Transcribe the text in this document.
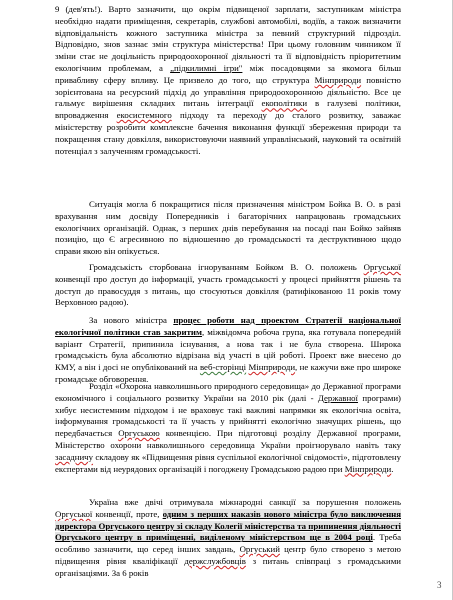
9 (дев'ять!). Варто зазначити, що окрім підвищеної зарплати, заступникам міністра необхідно надати приміщення, секретарів, службові автомобілі, водіїв, а також визначити відповідальність кожного заступника міністра за певний структурний підрозділ. Відповідно, знов зазнає змін структура міністерства! При цьому головним чинником її зміни стає не доцільність природоохоронної діяльності та її відповідність пріоритетним екологічним проблемам, а „підкилимні ігри" між посадовцями за якомога більш привабливу сферу впливу. Це призвело до того, що структура Мінприроди повністю зорієнтована на ресурсний підхід до управління природоохоронною діяльністю. Все це гальмує вирішення складних питань інтеграції екополітики в галузеві політики, впровадження екосистемного підходу та переходу до сталого розвитку, заважає міністерству розробити комплексне бачення виконання функції збереження природи та покращення стану довкілля, використовуючи наявний управлінський, науковий та освітній потенціал з залученням громадськості.
Ситуація могла б покращитися після призначення міністром Бойка В. О. в разі врахування ним досвіду Попередників і багаторічних напрацювань громадських екологічних організацій. Однак, з перших днів перебування на посаді пан Бойко зайняв позицію, що Є агресивною по відношенню до громадськості та деструктивною щодо справи якою він опікується.
Громадськість сторбована ігноруванням Бойком В. О. положень Оргуської конвенції про доступ до інформації, участь громадськості у процесі прийняття рішень та доступ до правосуддя з питань, що стосуються довкілля (ратифікованою 11 років тому Верховною радою).
За нового міністра процес роботи над проектом Стратегії національної екологічної політики став закритим, міжвідомча робоча група, яка готувала попередній варіант Стратегії, припинила існування, а нова так і не була створена. Широка громадськість була абсолютно відрізана від участі в цій роботі. Проект вже внесено до КМУ, а він і досі не опублікований на веб-сторінці Мінприроди, не кажучи вже про широке громадське обговорення.
Розділ «Охорона навколишнього природного середовища» до Державної програми економічного і соціального розвитку України на 2010 рік (далі - Державної програми) хибує несистемним підходом і не враховує такі важливі напрямки як екологічна освіта, інформування громадськості та її участь у прийнятті екологічно значущих рішень, що передбачається Оргуською конвенцією. При підготовці розділу Державної програми, Міністерство охорони навколишнього середовища України проігнорувало навіть таку засадничу складову як «Підвищення рівня суспільної екологічної свідомості», підготовлену експертами від неурядових організацій і погоджену Громадською радою при Мінприроди.
Україна вже двічі отримувала міжнародні санкції за порушення положень Оргуської конвенції, проте, одним з перших наказів нового міністра було виключення директора Оргуського центру зі складу Колегії міністерства та припинення діяльності Оргуського центру в приміщенні, виділеному міністерством ще в 2004 році. Треба особливо зазначити, що серед інших завдань, Оргуський центр було створено з метою підвищення рівня кваліфікації держслужбовців з питань співпраці з громадськими організаціями. За 6 років
3
